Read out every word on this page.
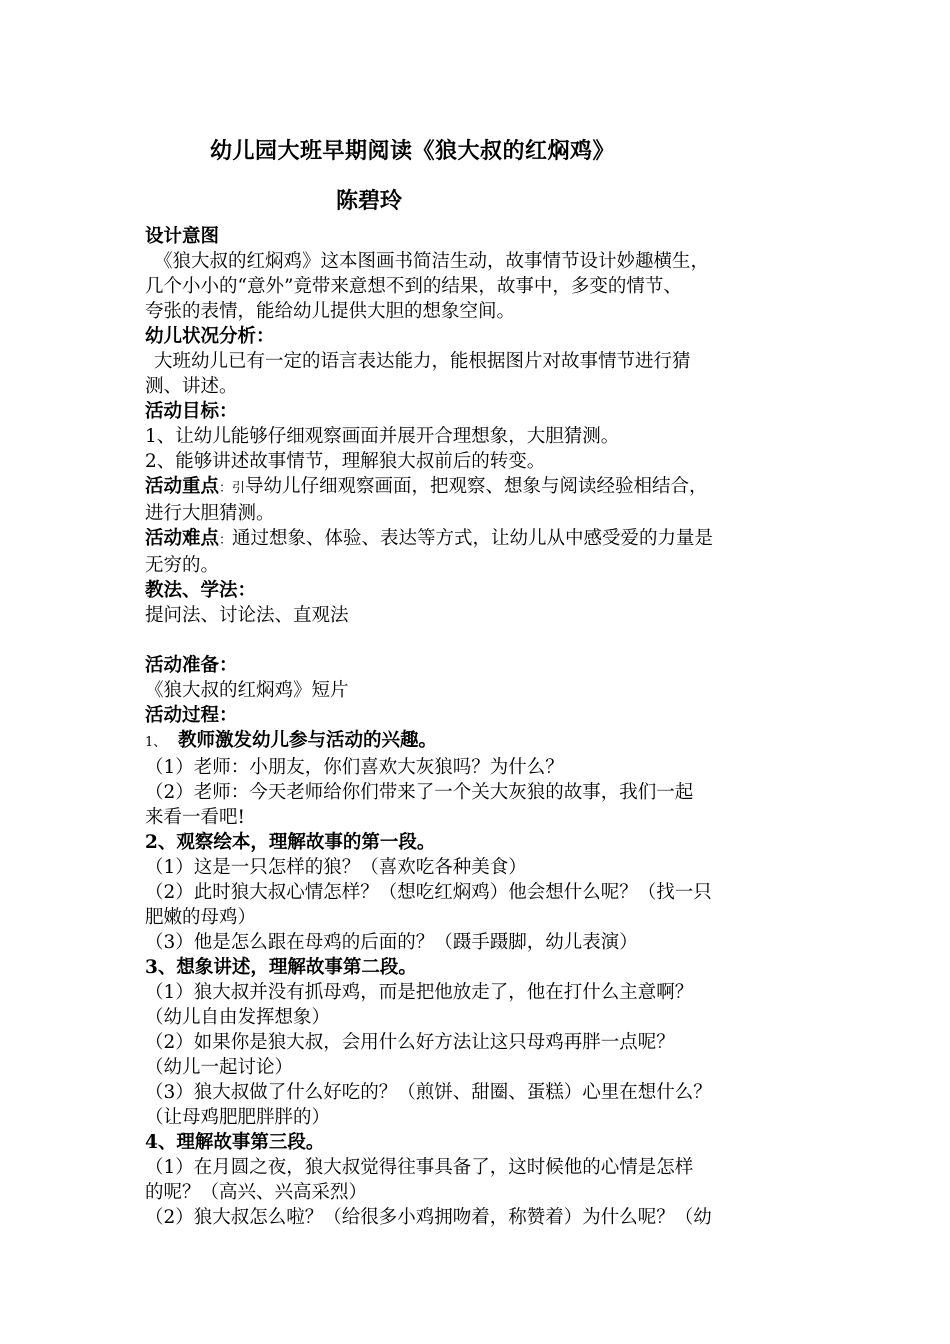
幼儿园大班早期阅读《狼大叔的红焖鸡》
陈碧玲
设计意图
《狼大叔的红焖鸡》这本图画书简洁生动，故事情节设计妙趣横生，
几个小小的“意外”竟带来意想不到的结果，故事中，多变的情节、
夸张的表情，能给幼儿提供大胆的想象空间。
幼儿状况分析：
大班幼儿已有一定的语言表达能力，能根据图片对故事情节进行猜
测、讲述。
活动目标：
1、让幼儿能够仔细观察画面并展开合理想象，大胆猜测。
2、能够讲述故事情节，理解狼大叔前后的转变。
活动重点：引导幼儿仔细观察画面，把观察、想象与阅读经验相结合，
进行大胆猜测。
活动难点：通过想象、体验、表达等方式，让幼儿从中感受爱的力量是
无穷的。
教法、学法：
提问法、讨论法、直观法
活动准备：
《狼大叔的红焖鸡》短片
活动过程：
1、 教师激发幼儿参与活动的兴趣。
（1）老师：小朋友，你们喜欢大灰狼吗？为什么？
（2）老师：今天老师给你们带来了一个关大灰狼的故事，我们一起
来看一看吧!
2、观察绘本，理解故事的第一段。
（1）这是一只怎样的狼？（喜欢吃各种美食）
（2）此时狼大叔心情怎样？（想吃红焖鸡）他会想什么呢？（找一只
肥嫩的母鸡）
（3）他是怎么跟在母鸡的后面的？（蹑手蹑脚，幼儿表演）
3、想象讲述，理解故事第二段。
（1）狼大叔并没有抓母鸡，而是把他放走了，他在打什么主意啊？
（幼儿自由发挥想象）
（2）如果你是狼大叔，会用什么好方法让这只母鸡再胖一点呢？
（幼儿一起讨论）
（3）狼大叔做了什么好吃的？（煎饼、甜圈、蛋糕）心里在想什么？
（让母鸡肥肥胖胖的）
4、理解故事第三段。
（1）在月圆之夜，狼大叔觉得往事具备了，这时候他的心情是怎样
的呢？（高兴、兴高采烈）
（2）狼大叔怎么啦？（给很多小鸡拥吻着，称赞着）为什么呢？（幼
